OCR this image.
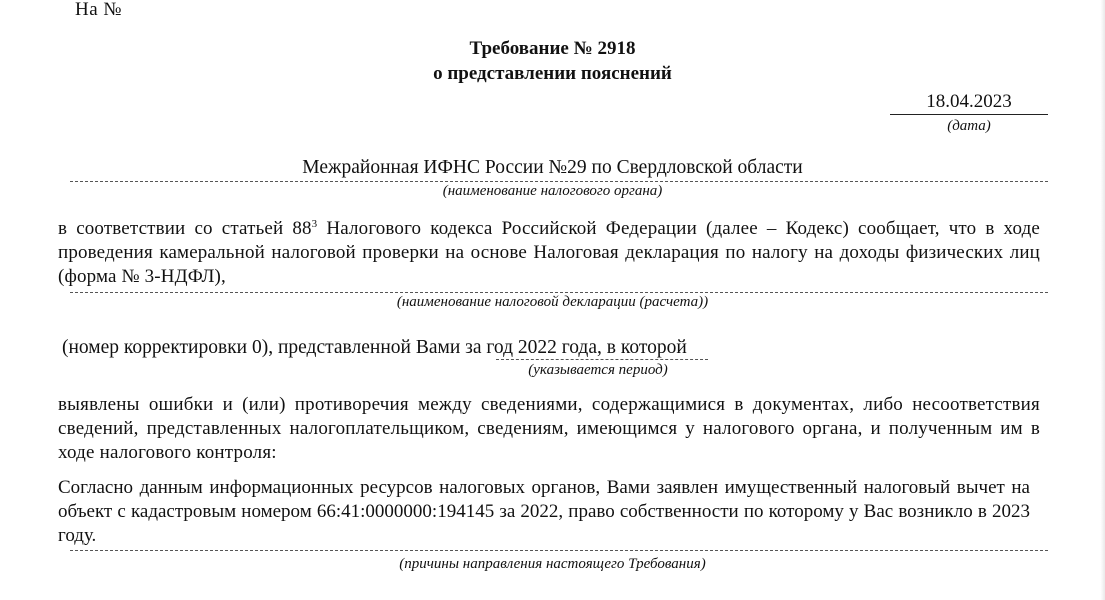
На №
Требование № 2918
о представлении пояснений
18.04.2023
(дата)
Межрайонная ИФНС России №29 по Свердловской области
(наименование налогового органа)
в соответствии со статьей $88^3$ Налогового кодекса Российской Федерации (далее – Кодекс) сообщает, что в ходе проведения камеральной налоговой проверки на основе Налоговая декларация по налогу на доходы физических лиц (форма № 3-НДФЛ),
(наименование налоговой декларации (расчета))
(номер корректировки 0), представленной Вами за год 2022 года, в которой
(указывается период)
выявлены ошибки и (или) противоречия между сведениями, содержащимися в документах, либо несоответствия сведений, представленных налогоплательщиком, сведениям, имеющимся у налогового органа, и полученным им в ходе налогового контроля:
Согласно данным информационных ресурсов налоговых органов, Вами заявлен имущественный налоговый вычет на объект с кадастровым номером 66:41:0000000:194145 за 2022, право собственности по которому у Вас возникло в 2023 году.
(причины направления настоящего Требования)
